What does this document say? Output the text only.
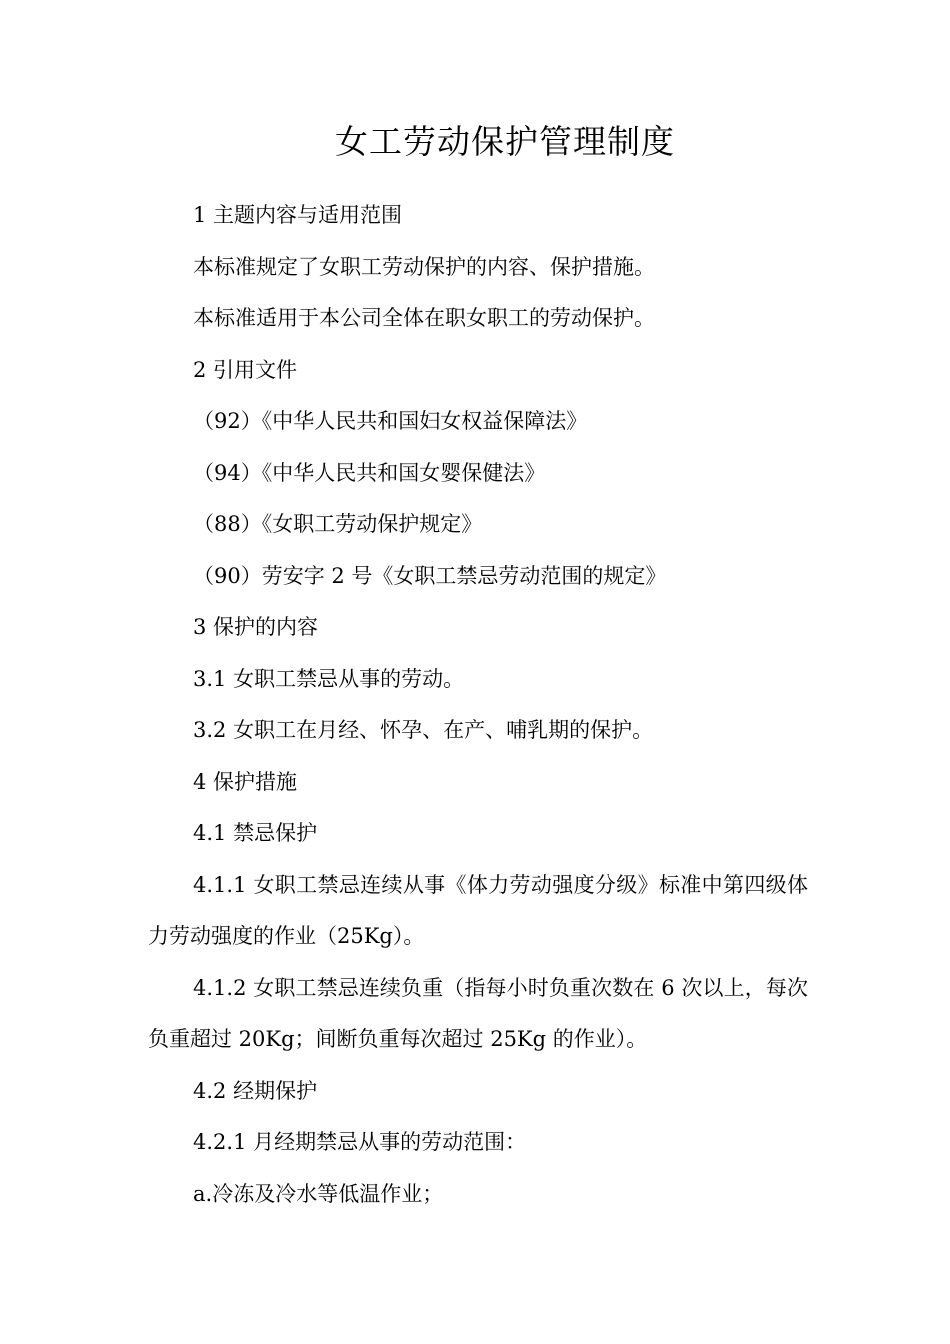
女工劳动保护管理制度

1 主题内容与适用范围

本标准规定了女职工劳动保护的内容、保护措施。

本标准适用于本公司全体在职女职工的劳动保护。

2 引用文件

（92）《中华人民共和国妇女权益保障法》

（94）《中华人民共和国女婴保健法》

（88）《女职工劳动保护规定》

（90）劳安字 2 号《女职工禁忌劳动范围的规定》

3 保护的内容

3.1 女职工禁忌从事的劳动。

3.2 女职工在月经、怀孕、在产、哺乳期的保护。

4 保护措施

4.1 禁忌保护

4.1.1 女职工禁忌连续从事《体力劳动强度分级》标准中第四级体力劳动强度的作业（25Kg）。

4.1.2 女职工禁忌连续负重（指每小时负重次数在 6 次以上，每次负重超过 20Kg；间断负重每次超过 25Kg 的作业）。

4.2 经期保护

4.2.1 月经期禁忌从事的劳动范围：

a.冷冻及冷水等低温作业；
